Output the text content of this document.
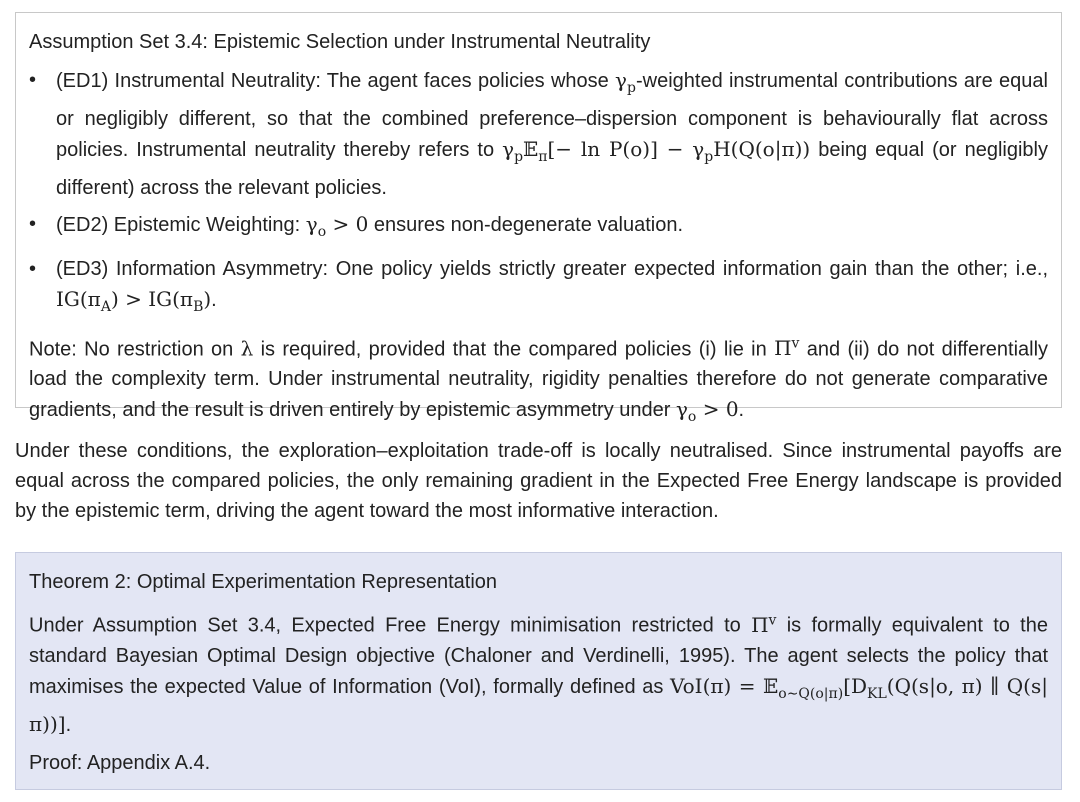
Assumption Set 3.4: Epistemic Selection under Instrumental Neutrality
• (ED1) Instrumental Neutrality: The agent faces policies whose $\gamma_p$-weighted instrumental contributions are equal or negligibly different, so that the combined preference–dispersion component is behaviourally flat across policies. Instrumental neutrality thereby refers to $\gamma_p𝔼_\pi[- \ln P(o)] - \gamma_pH(Q(o|\pi))$ being equal (or negligibly different) across the relevant policies.
• (ED2) Epistemic Weighting: $\gamma_o > 0$ ensures non-degenerate valuation.
• (ED3) Information Asymmetry: One policy yields strictly greater expected information gain than the other; i.e., $IG(\pi_A) > IG(\pi_B)$.

Note: No restriction on λ is required, provided that the compared policies (i) lie in $\Pi^v$ and (ii) do not differentially load the complexity term. Under instrumental neutrality, rigidity penalties therefore do not generate comparative gradients, and the result is driven entirely by epistemic asymmetry under $\gamma_o > 0$.

Under these conditions, the exploration–exploitation trade-off is locally neutralised. Since instrumental payoffs are equal across the compared policies, the only remaining gradient in the Expected Free Energy landscape is provided by the epistemic term, driving the agent toward the most informative interaction.

Theorem 2: Optimal Experimentation Representation

Under Assumption Set 3.4, Expected Free Energy minimisation restricted to $\Pi^v$ is formally equivalent to the standard Bayesian Optimal Design objective (Chaloner and Verdinelli, 1995). The agent selects the policy that maximises the expected Value of Information (VoI), formally defined as $VoI(\pi) = 𝔼_{o\sim Q(o|\pi)}[D_{KL}(Q(s|o$, π) ∥ Q(s|π))].

Proof: Appendix A.4.
